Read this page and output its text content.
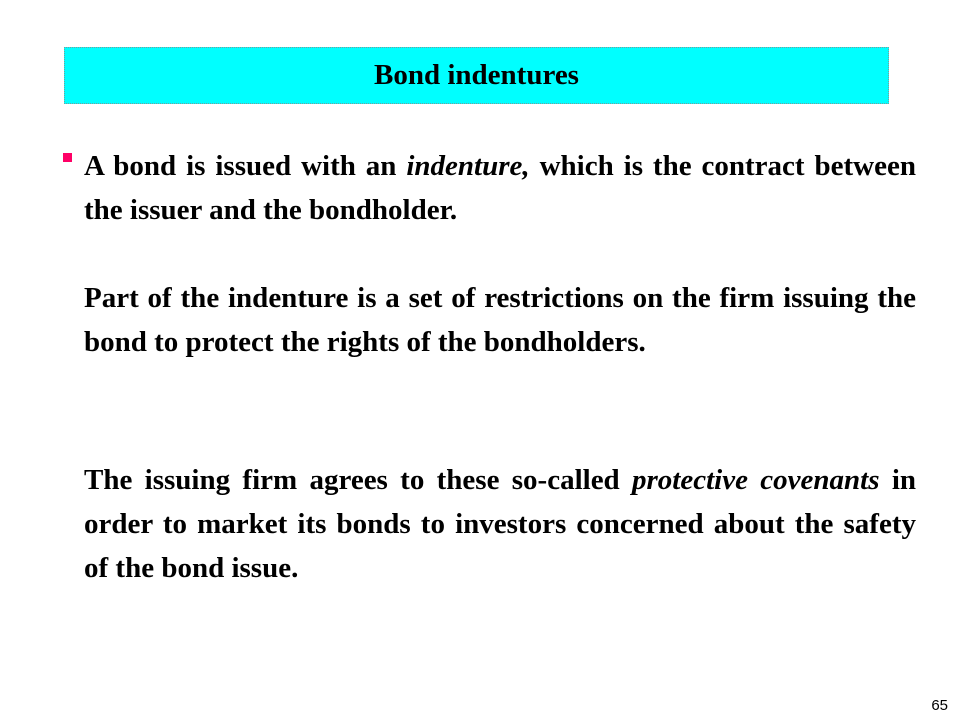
Bond indentures
A bond is issued with an indenture, which is the contract between the issuer and the bondholder.
Part of the indenture is a set of restrictions on the firm issuing the bond to protect the rights of the bondholders.
The issuing firm agrees to these so-called protective covenants in order to market its bonds to investors concerned about the safety of the bond issue.
65
